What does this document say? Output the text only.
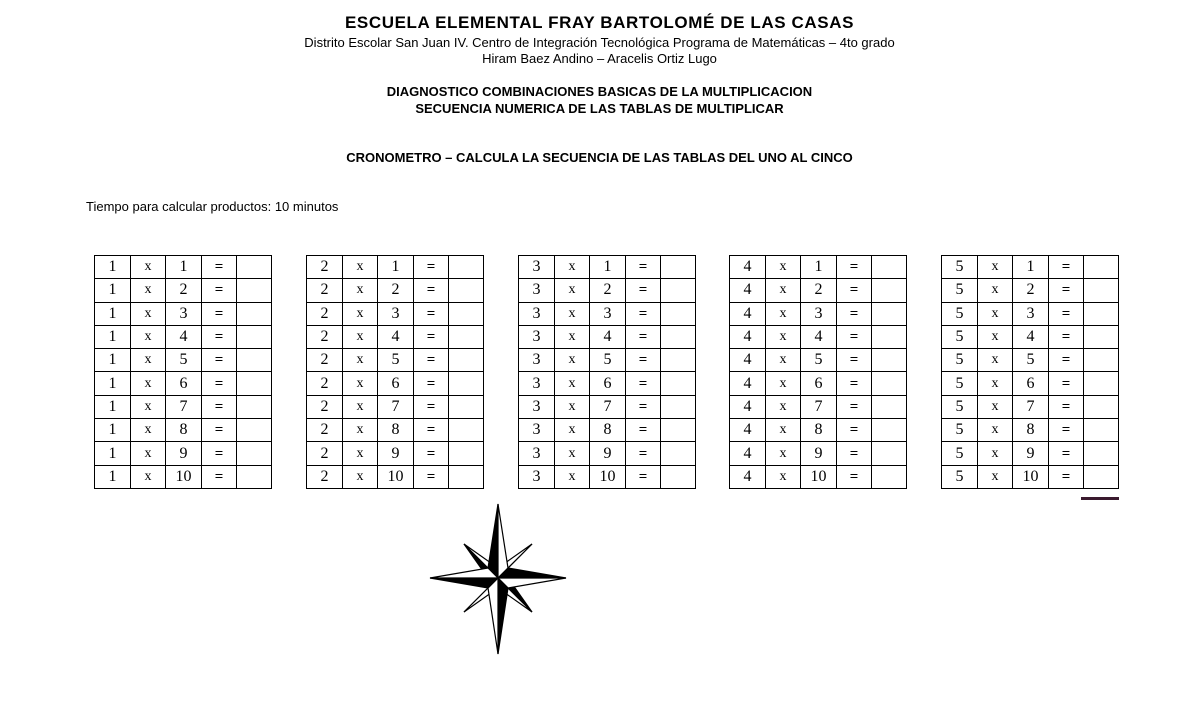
ESCUELA ELEMENTAL FRAY BARTOLOMÉ DE LAS CASAS
Distrito Escolar San Juan IV. Centro de Integración Tecnológica Programa de Matemáticas – 4to grado
Hiram Baez Andino – Aracelis Ortiz Lugo
DIAGNOSTICO COMBINACIONES BASICAS DE LA MULTIPLICACION
SECUENCIA NUMERICA DE LAS TABLAS DE MULTIPLICAR
CRONOMETRO – CALCULA LA SECUENCIA DE LAS TABLAS DEL UNO AL CINCO
Tiempo para calcular productos: 10 minutos
1	x	1	=	
1	x	2	=	
1	x	3	=	
1	x	4	=	
1	x	5	=	
1	x	6	=	
1	x	7	=	
1	x	8	=	
1	x	9	=	
1	x	10	=	
2	x	1	=	
2	x	2	=	
2	x	3	=	
2	x	4	=	
2	x	5	=	
2	x	6	=	
2	x	7	=	
2	x	8	=	
2	x	9	=	
2	x	10	=	
3	x	1	=	
3	x	2	=	
3	x	3	=	
3	x	4	=	
3	x	5	=	
3	x	6	=	
3	x	7	=	
3	x	8	=	
3	x	9	=	
3	x	10	=	
4	x	1	=	
4	x	2	=	
4	x	3	=	
4	x	4	=	
4	x	5	=	
4	x	6	=	
4	x	7	=	
4	x	8	=	
4	x	9	=	
4	x	10	=	
5	x	1	=	
5	x	2	=	
5	x	3	=	
5	x	4	=	
5	x	5	=	
5	x	6	=	
5	x	7	=	
5	x	8	=	
5	x	9	=	
5	x	10	=	
